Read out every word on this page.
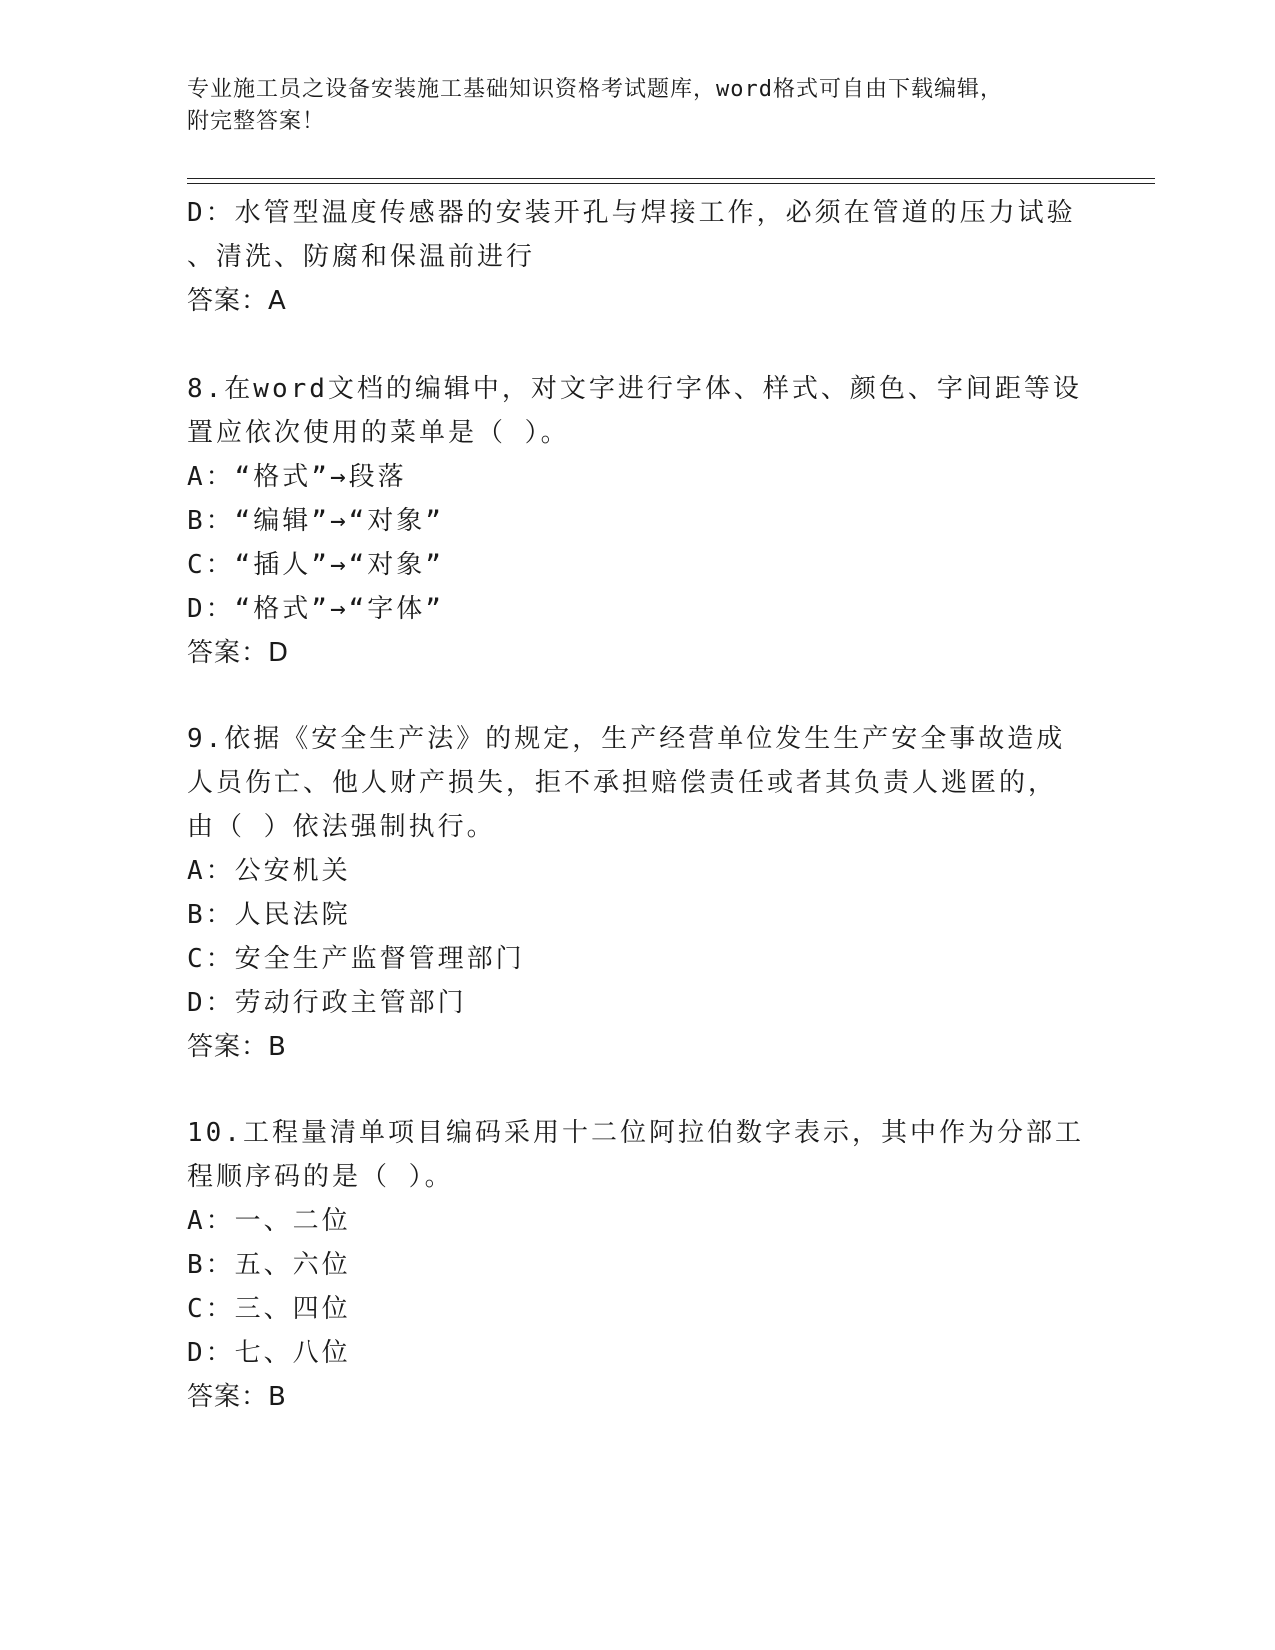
专业施工员之设备安装施工基础知识资格考试题库，word格式可自由下载编辑，
附完整答案！
D：水管型温度传感器的安装开孔与焊接工作，必须在管道的压力试验
、清洗、防腐和保温前进行
答案：A
8.在word文档的编辑中，对文字进行字体、样式、颜色、字间距等设
置应依次使用的菜单是（ ）。
A：“格式”→段落
B：“编辑”→“对象”
C：“插人”→“对象”
D：“格式”→“字体”
答案：D
9.依据《安全生产法》的规定，生产经营单位发生生产安全事故造成
人员伤亡、他人财产损失，拒不承担赔偿责任或者其负责人逃匿的，
由（ ）依法强制执行。
A：公安机关
B：人民法院
C：安全生产监督管理部门
D：劳动行政主管部门
答案：B
10.工程量清单项目编码采用十二位阿拉伯数字表示，其中作为分部工
程顺序码的是（ ）。
A：一、二位
B：五、六位
C：三、四位
D：七、八位
答案：B
